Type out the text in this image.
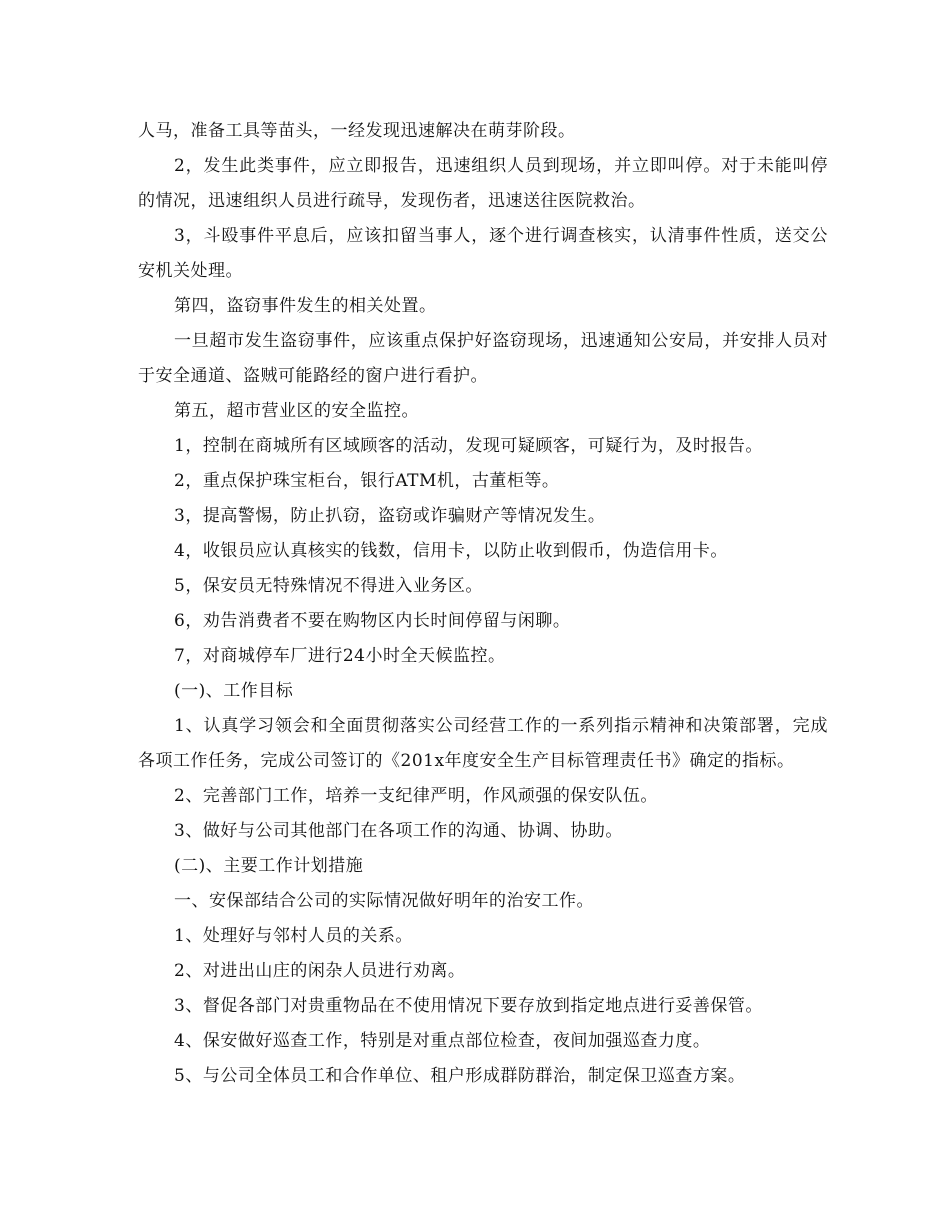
人马，准备工具等苗头，一经发现迅速解决在萌芽阶段。

2，发生此类事件，应立即报告，迅速组织人员到现场，并立即叫停。对于未能叫停的情况，迅速组织人员进行疏导，发现伤者，迅速送往医院救治。

3，斗殴事件平息后，应该扣留当事人，逐个进行调查核实，认清事件性质，送交公安机关处理。

第四，盗窃事件发生的相关处置。

一旦超市发生盗窃事件，应该重点保护好盗窃现场，迅速通知公安局，并安排人员对于安全通道、盗贼可能路经的窗户进行看护。

第五，超市营业区的安全监控。

1，控制在商城所有区域顾客的活动，发现可疑顾客，可疑行为，及时报告。

2，重点保护珠宝柜台，银行ATM机，古董柜等。

3，提高警惕，防止扒窃，盗窃或诈骗财产等情况发生。

4，收银员应认真核实的钱数，信用卡，以防止收到假币，伪造信用卡。

5，保安员无特殊情况不得进入业务区。

6，劝告消费者不要在购物区内长时间停留与闲聊。

7，对商城停车厂进行24小时全天候监控。

(一)、工作目标

1、认真学习领会和全面贯彻落实公司经营工作的一系列指示精神和决策部署，完成各项工作任务，完成公司签订的《201x年度安全生产目标管理责任书》确定的指标。

2、完善部门工作，培养一支纪律严明，作风顽强的保安队伍。

3、做好与公司其他部门在各项工作的沟通、协调、协助。

(二)、主要工作计划措施

一、安保部结合公司的实际情况做好明年的治安工作。

1、处理好与邻村人员的关系。

2、对进出山庄的闲杂人员进行劝离。

3、督促各部门对贵重物品在不使用情况下要存放到指定地点进行妥善保管。

4、保安做好巡查工作，特别是对重点部位检查，夜间加强巡查力度。

5、与公司全体员工和合作单位、租户形成群防群治，制定保卫巡查方案。
